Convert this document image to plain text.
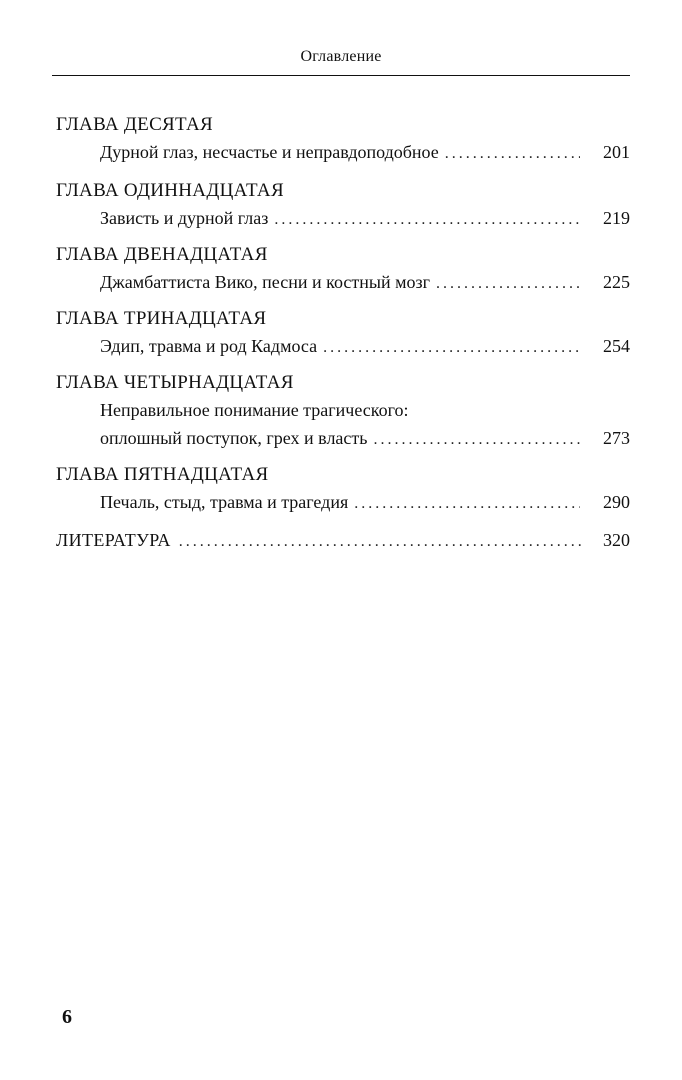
Оглавление
ГЛАВА ДЕСЯТАЯ
Дурной глаз, несчастье и неправдоподобное . . .	201
ГЛАВА ОДИННАДЦАТАЯ
Зависть и дурной глаз . . .	219
ГЛАВА ДВЕНАДЦАТАЯ
Джамбаттиста Вико, песни и костный мозг . . .	225
ГЛАВА ТРИНАДЦАТАЯ
Эдип, травма и род Кадмоса . . .	254
ГЛАВА ЧЕТЫРНАДЦАТАЯ
Неправильное понимание трагического:
оплошный поступок, грех и власть . . .	273
ГЛАВА ПЯТНАДЦАТАЯ
Печаль, стыд, травма и трагедия . . .	290
ЛИТЕРАТУРА . . .	320
6
